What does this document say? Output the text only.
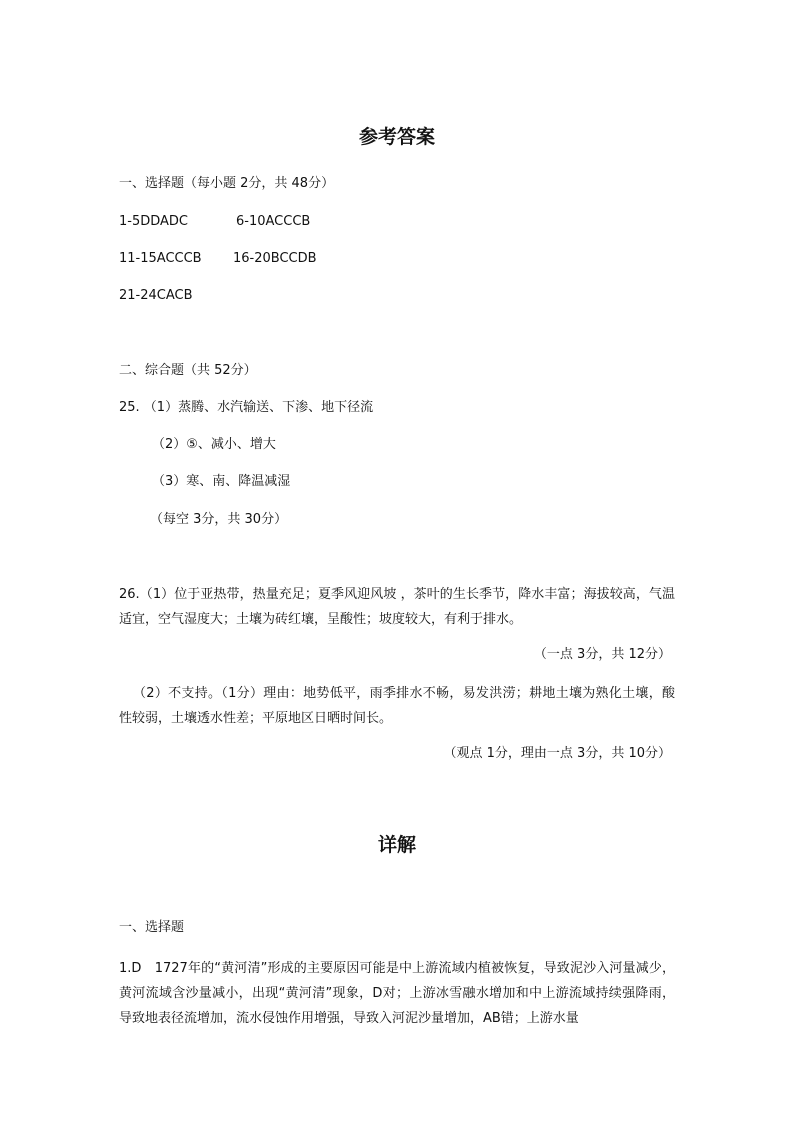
参考答案
一、选择题（每小题 2分，共 48分）
1-5DDADC	6-10ACCCB
11-15ACCCB 16-20BCCDB
21-24CACB
二、综合题（共 52分）
25. （1）蒸腾、水汽输送、下渗、地下径流
（2）⑤、减小、增大
（3）寒、南、降温减湿
（每空 3分，共 30分）
26.（1）位于亚热带，热量充足；夏季风迎风坡 ，茶叶的生长季节，降水丰富；海拔较高，气温适宜，空气湿度大；土壤为砖红壤，呈酸性；坡度较大，有利于排水。
（一点 3分，共 12分）
（2）不支持。（1分）理由：地势低平，雨季排水不畅，易发洪涝；耕地土壤为熟化土壤，酸性较弱，土壤透水性差；平原地区日晒时间长。
（观点 1分，理由一点 3分，共 10分）
详解
一、选择题
1.D　1727年的“黄河清”形成的主要原因可能是中上游流域内植被恢复，导致泥沙入河量减少，黄河流域含沙量减小，出现“黄河清”现象，D对；上游冰雪融水增加和中上游流域持续强降雨，导致地表径流增加，流水侵蚀作用增强，导致入河泥沙量增加，AB错；上游水量
